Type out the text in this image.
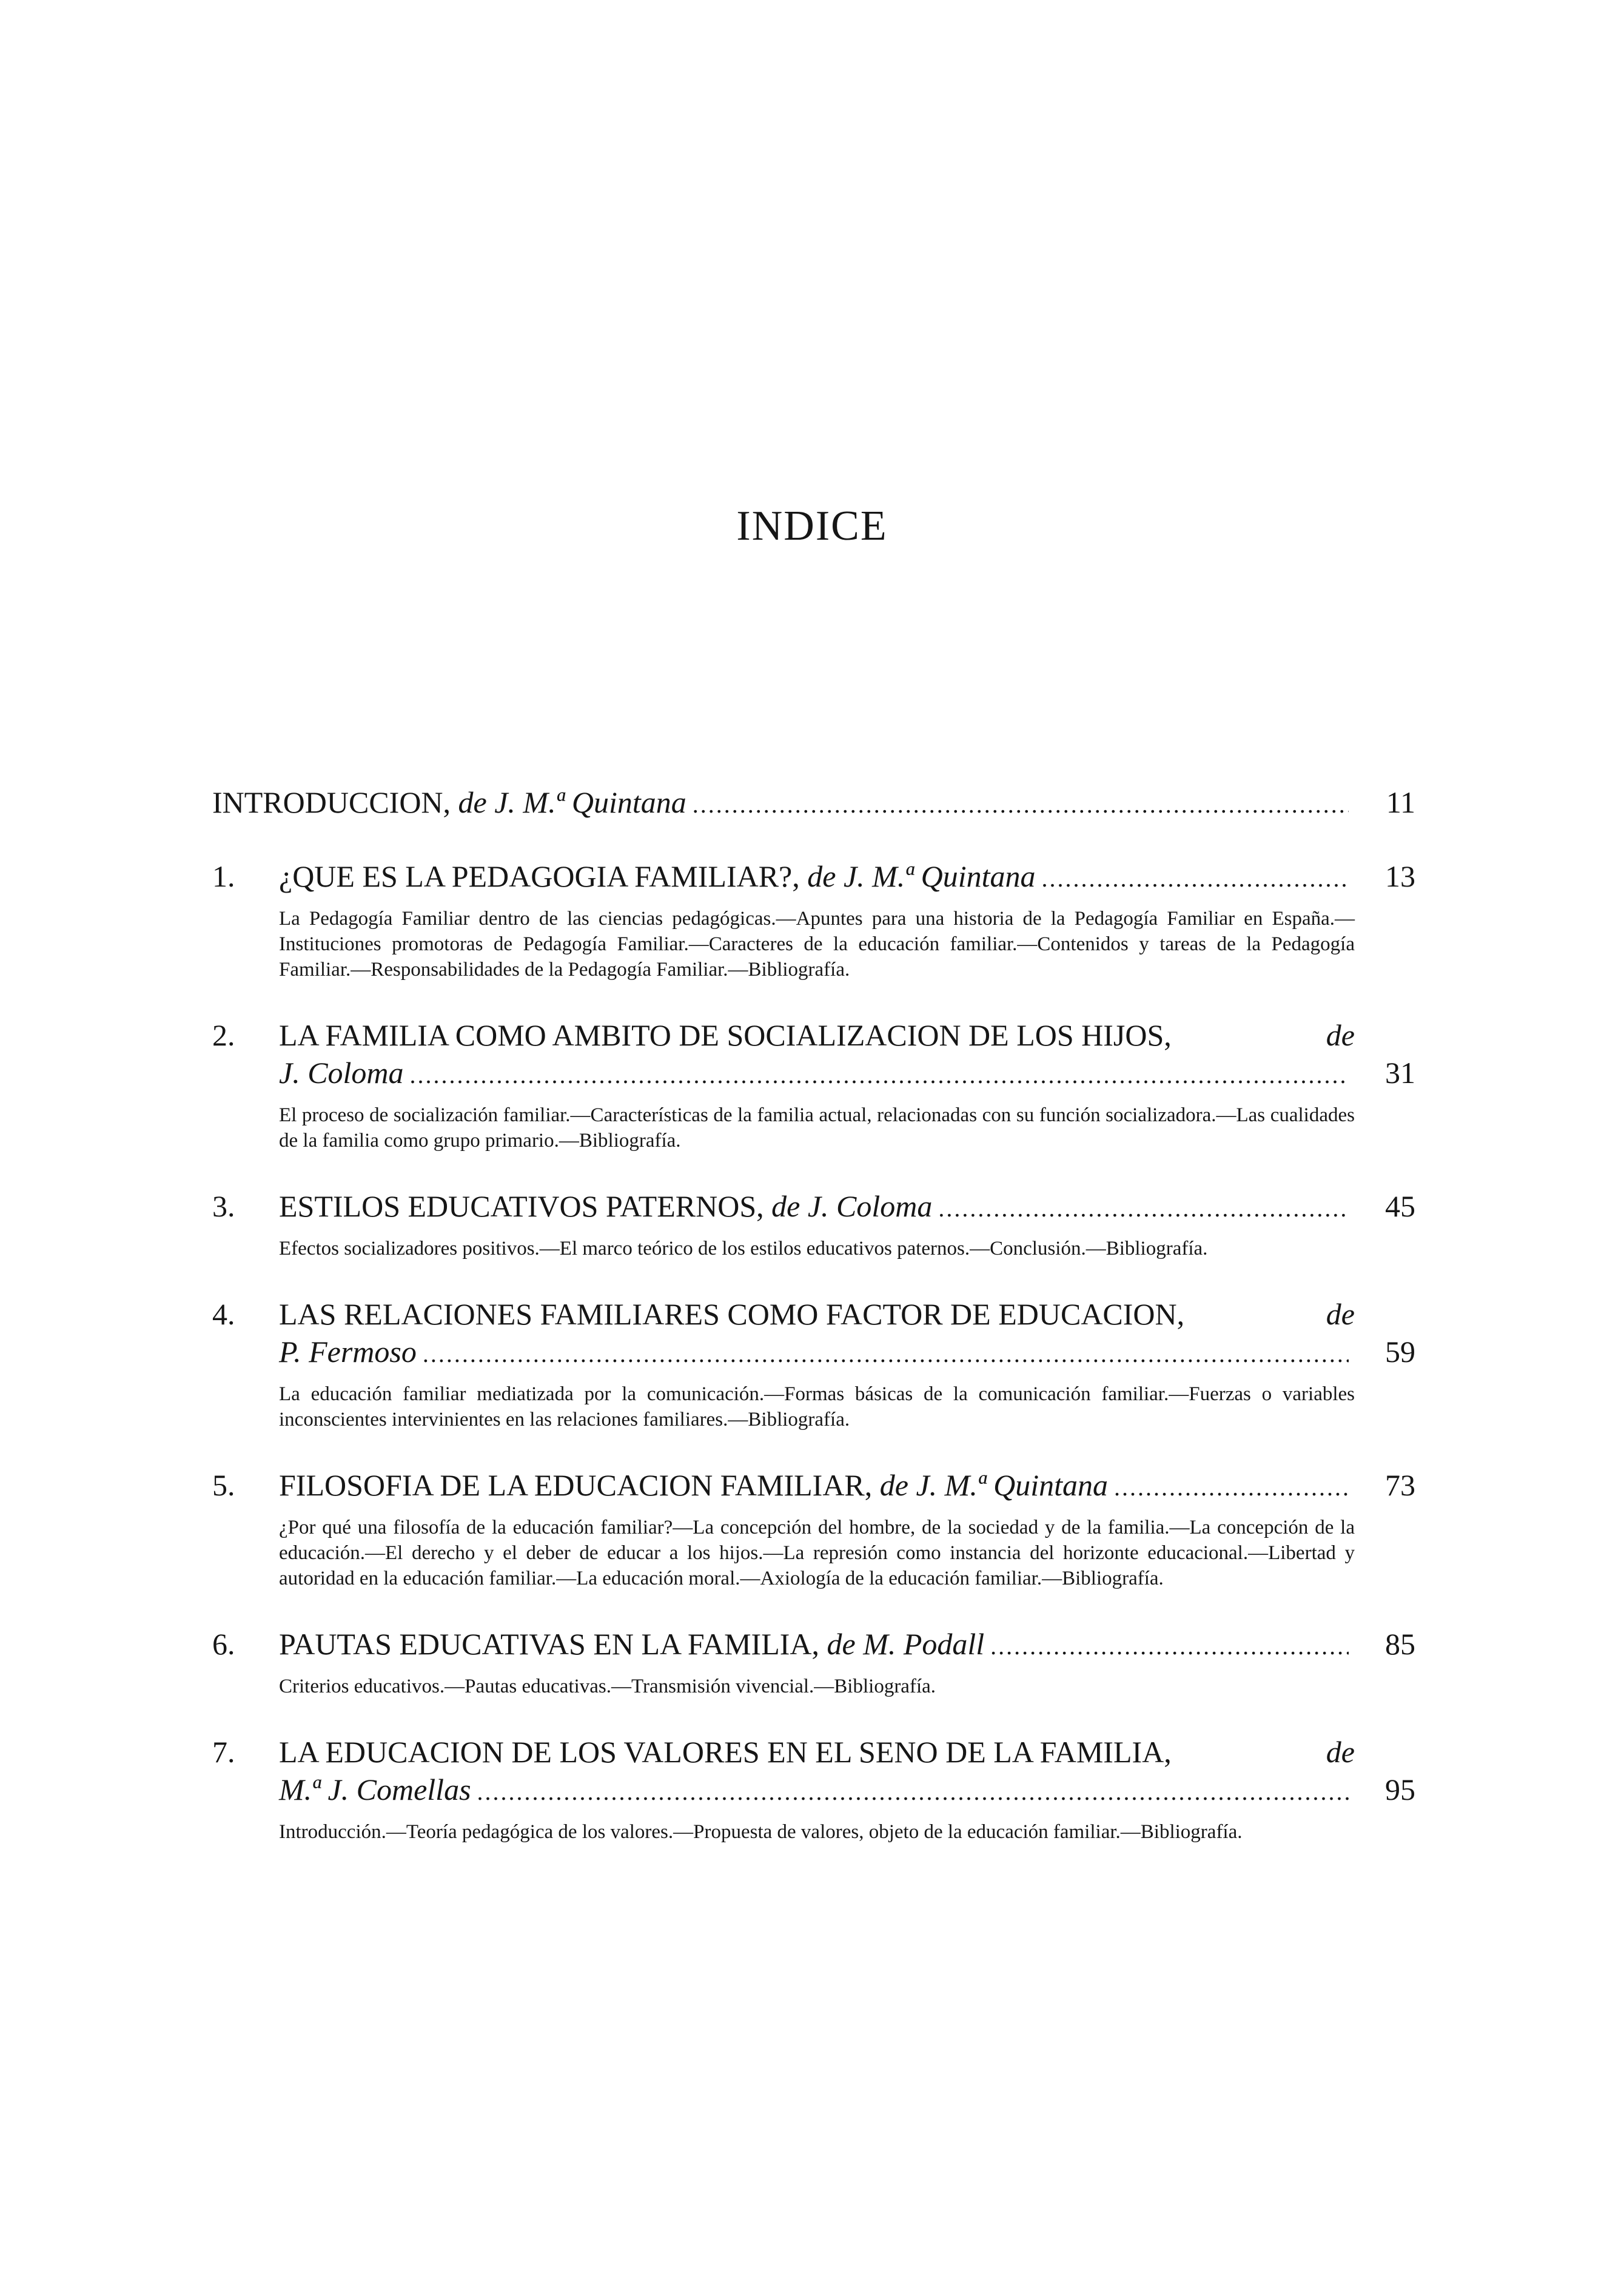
INDICE
INTRODUCCION, de J. M.ª Quintana .....	11
1.	¿QUE ES LA PEDAGOGIA FAMILIAR?, de J. M.ª Quintana .....	13

La Pedagogía Familiar dentro de las ciencias pedagógicas.—Apuntes para una historia de la Pedagogía Familiar en España.—Instituciones promotoras de Pedagogía Familiar.—Caracteres de la educación familiar.—Contenidos y tareas de la Pedagogía Familiar.—Responsabilidades de la Pedagogía Familiar.—Bibliografía.

2.	LA FAMILIA COMO AMBITO DE SOCIALIZACION DE LOS HIJOS,	de
J. Coloma .....	31

El proceso de socialización familiar.—Características de la familia actual, relacionadas con su función socializadora.—Las cualidades de la familia como grupo primario.—Bibliografía.

3.	ESTILOS EDUCATIVOS PATERNOS, de J. Coloma .....	45

Efectos socializadores positivos.—El marco teórico de los estilos educativos paternos.—Conclusión.—Bibliografía.

4.	LAS RELACIONES FAMILIARES COMO FACTOR DE EDUCACION,	de
P. Fermoso .....	59

La educación familiar mediatizada por la comunicación.—Formas básicas de la comunicación familiar.—Fuerzas o variables inconscientes intervinientes en las relaciones familiares.—Bibliografía.

5.	FILOSOFIA DE LA EDUCACION FAMILIAR, de J. M.ª Quintana .....	73

¿Por qué una filosofía de la educación familiar?—La concepción del hombre, de la sociedad y de la familia.—La concepción de la educación.—El derecho y el deber de educar a los hijos.—La represión como instancia del horizonte educacional.—Libertad y autoridad en la educación familiar.—La educación moral.—Axiología de la educación familiar.—Bibliografía.

6.	PAUTAS EDUCATIVAS EN LA FAMILIA, de M. Podall .....	85

Criterios educativos.—Pautas educativas.—Transmisión vivencial.—Bibliografía.

7.	LA EDUCACION DE LOS VALORES EN EL SENO DE LA FAMILIA,	de
M.ª J. Comellas .....	95

Introducción.—Teoría pedagógica de los valores.—Propuesta de valores, objeto de la educación familiar.—Bibliografía.
